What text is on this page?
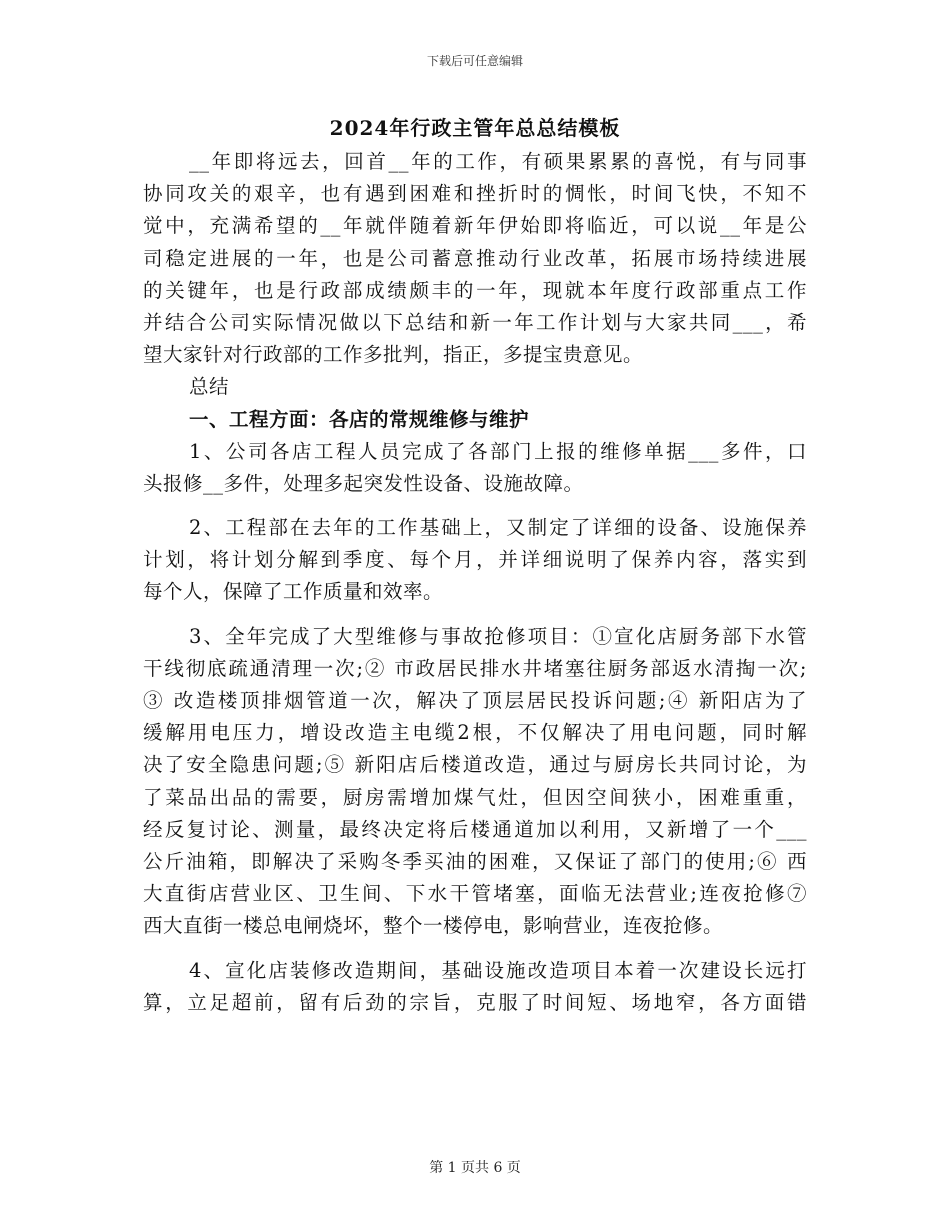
下载后可任意编辑
2024年行政主管年总总结模板
__年即将远去，回首__年的工作，有硕果累累的喜悦，有与同事
协同攻关的艰辛，也有遇到困难和挫折时的惆怅，时间飞快，不知不
觉中，充满希望的__年就伴随着新年伊始即将临近，可以说__年是公
司稳定进展的一年，也是公司蓄意推动行业改革，拓展市场持续进展
的关键年，也是行政部成绩颇丰的一年，现就本年度行政部重点工作
并结合公司实际情况做以下总结和新一年工作计划与大家共同___，希
望大家针对行政部的工作多批判，指正，多提宝贵意见。
总结
一、工程方面：各店的常规维修与维护
1、公司各店工程人员完成了各部门上报的维修单据___多件，口
头报修__多件，处理多起突发性设备、设施故障。
2、工程部在去年的工作基础上，又制定了详细的设备、设施保养
计划，将计划分解到季度、每个月，并详细说明了保养内容，落实到
每个人，保障了工作质量和效率。
3、全年完成了大型维修与事故抢修项目：①宣化店厨务部下水管
干线彻底疏通清理一次;② 市政居民排水井堵塞往厨务部返水清掏一次;
③ 改造楼顶排烟管道一次，解决了顶层居民投诉问题;④ 新阳店为了
缓解用电压力，增设改造主电缆2根，不仅解决了用电问题，同时解
决了安全隐患问题;⑤ 新阳店后楼道改造，通过与厨房长共同讨论，为
了菜品出品的需要，厨房需增加煤气灶，但因空间狭小，困难重重，
经反复讨论、测量，最终决定将后楼通道加以利用，又新增了一个___
公斤油箱，即解决了采购冬季买油的困难，又保证了部门的使用;⑥ 西
大直街店营业区、卫生间、下水干管堵塞，面临无法营业;连夜抢修⑦
西大直街一楼总电闸烧坏，整个一楼停电，影响营业，连夜抢修。
4、宣化店装修改造期间，基础设施改造项目本着一次建设长远打
算，立足超前，留有后劲的宗旨，克服了时间短、场地窄，各方面错
第 1 页共 6 页
